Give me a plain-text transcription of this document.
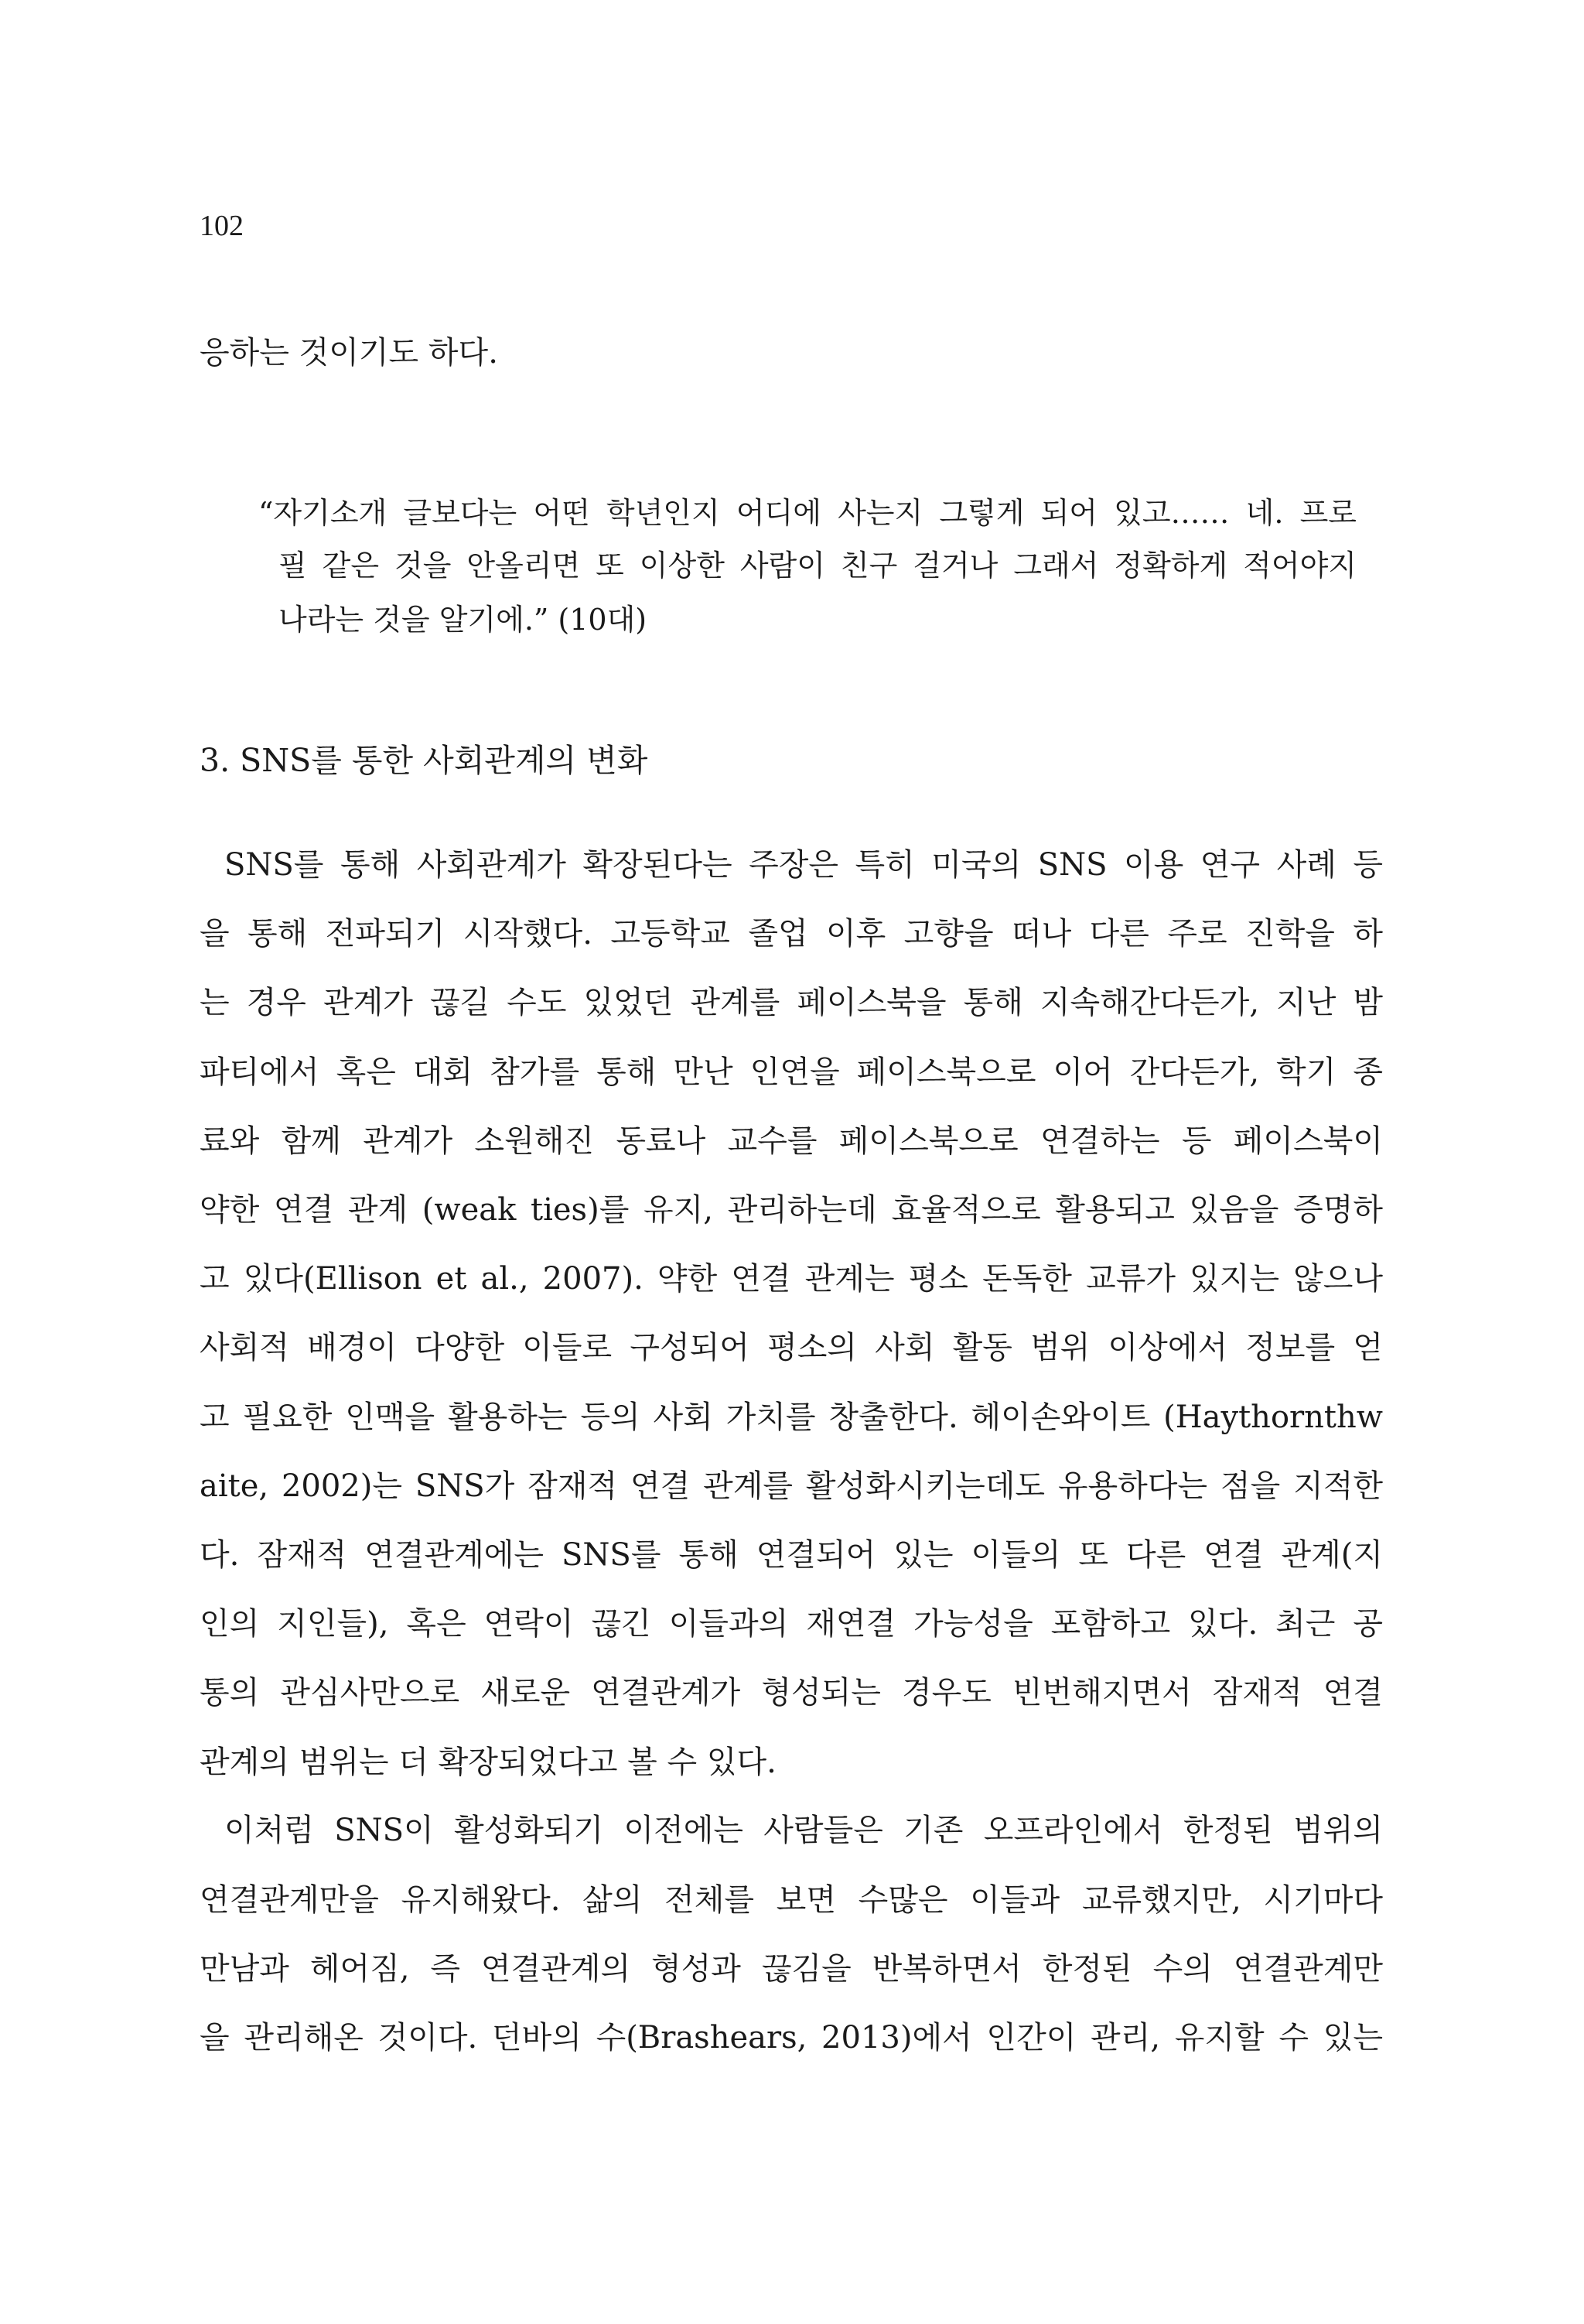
102

응하는 것이기도 하다.

“자기소개 글보다는 어떤 학년인지 어디에 사는지 그렇게 되어 있고…… 네. 프로

필 같은 것을 안올리면 또 이상한 사람이 친구 걸거나 그래서 정확하게 적어야지

나라는 것을 알기에.” (10대)

3. SNS를 통한 사회관계의 변화

SNS를 통해 사회관계가 확장된다는 주장은 특히 미국의 SNS 이용 연구 사례 등

을 통해 전파되기 시작했다. 고등학교 졸업 이후 고향을 떠나 다른 주로 진학을 하

는 경우 관계가 끊길 수도 있었던 관계를 페이스북을 통해 지속해간다든가, 지난 밤

파티에서 혹은 대회 참가를 통해 만난 인연을 페이스북으로 이어 간다든가, 학기 종

료와 함께 관계가 소원해진 동료나 교수를 페이스북으로 연결하는 등 페이스북이

약한 연결 관계 (weak ties)를 유지, 관리하는데 효율적으로 활용되고 있음을 증명하

고 있다(Ellison et al., 2007). 약한 연결 관계는 평소 돈독한 교류가 있지는 않으나

사회적 배경이 다양한 이들로 구성되어 평소의 사회 활동 범위 이상에서 정보를 얻

고 필요한 인맥을 활용하는 등의 사회 가치를 창출한다. 헤이손와이트 (Haythornthw

aite, 2002)는 SNS가 잠재적 연결 관계를 활성화시키는데도 유용하다는 점을 지적한

다. 잠재적 연결관계에는 SNS를 통해 연결되어 있는 이들의 또 다른 연결 관계(지

인의 지인들), 혹은 연락이 끊긴 이들과의 재연결 가능성을 포함하고 있다. 최근 공

통의 관심사만으로 새로운 연결관계가 형성되는 경우도 빈번해지면서 잠재적 연결

관계의 범위는 더 확장되었다고 볼 수 있다.

이처럼 SNS이 활성화되기 이전에는 사람들은 기존 오프라인에서 한정된 범위의

연결관계만을 유지해왔다. 삶의 전체를 보면 수많은 이들과 교류했지만, 시기마다

만남과 헤어짐, 즉 연결관계의 형성과 끊김을 반복하면서 한정된 수의 연결관계만

을 관리해온 것이다. 던바의 수(Brashears, 2013)에서 인간이 관리, 유지할 수 있는
